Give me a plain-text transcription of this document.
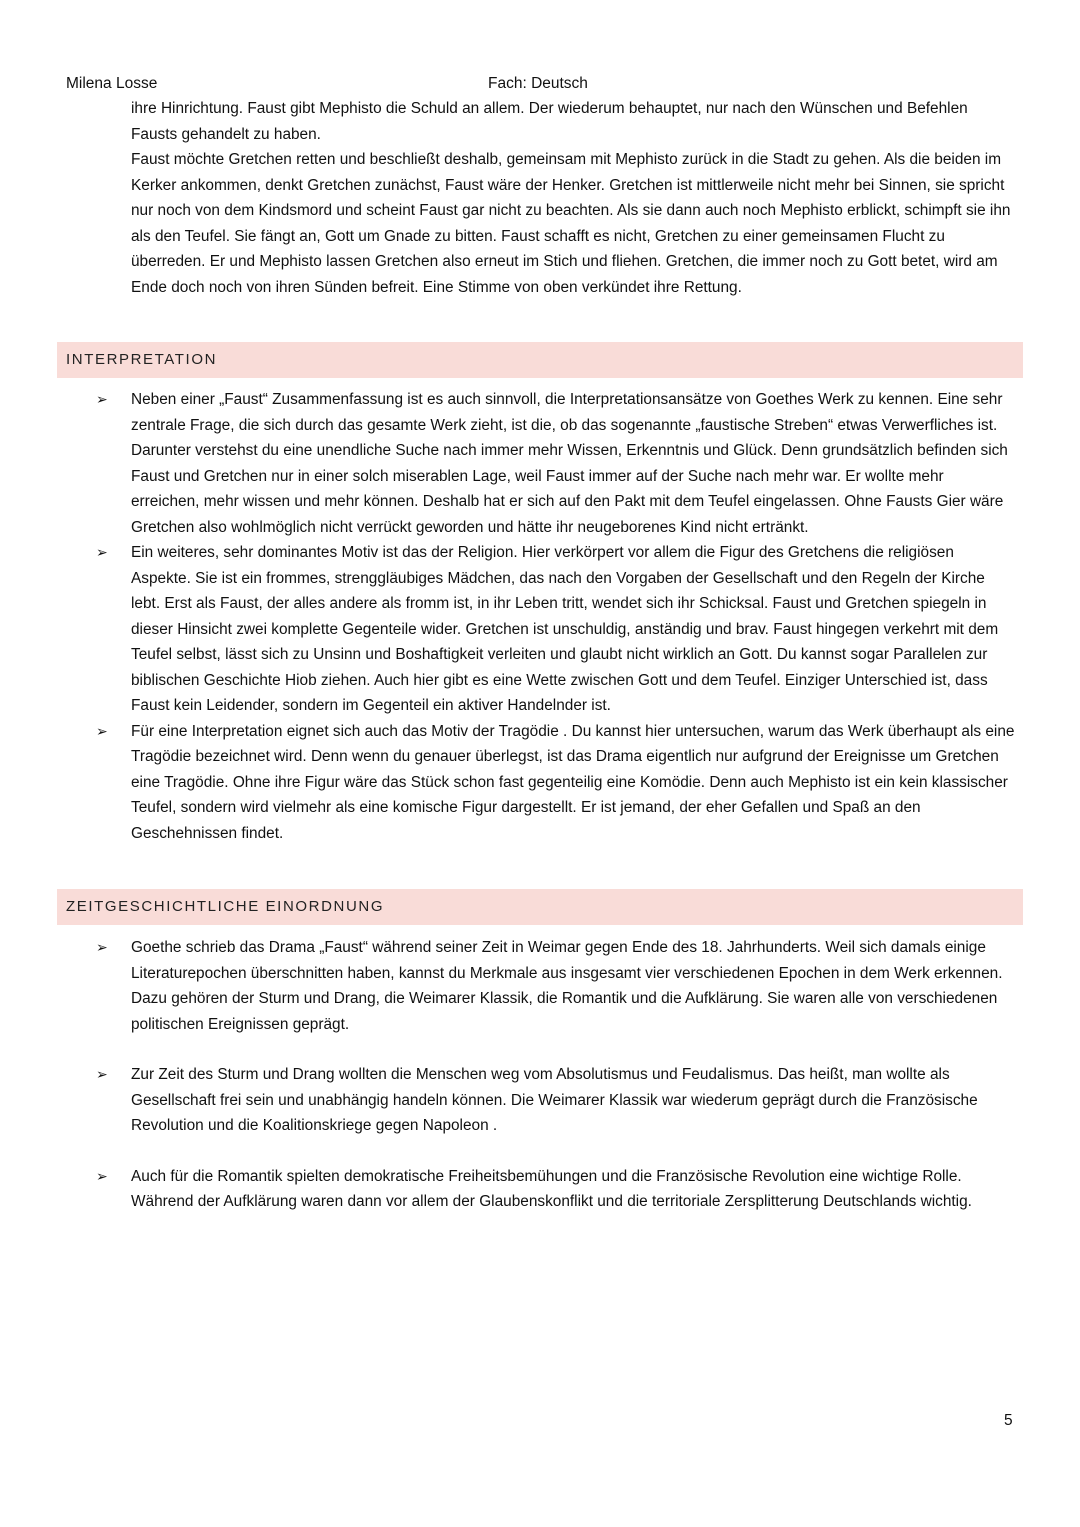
Milena Losse	Fach: Deutsch

ihre Hinrichtung. Faust gibt Mephisto die Schuld an allem. Der wiederum behauptet, nur nach den Wünschen und Befehlen Fausts gehandelt zu haben.

Faust möchte Gretchen retten und beschließt deshalb, gemeinsam mit Mephisto zurück in die Stadt zu gehen. Als die beiden im Kerker ankommen, denkt Gretchen zunächst, Faust wäre der Henker. Gretchen ist mittlerweile nicht mehr bei Sinnen, sie spricht nur noch von dem Kindsmord und scheint Faust gar nicht zu beachten. Als sie dann auch noch Mephisto erblickt, schimpft sie ihn als den Teufel. Sie fängt an, Gott um Gnade zu bitten. Faust schafft es nicht, Gretchen zu einer gemeinsamen Flucht zu überreden. Er und Mephisto lassen Gretchen also erneut im Stich und fliehen. Gretchen, die immer noch zu Gott betet, wird am Ende doch noch von ihren Sünden befreit. Eine Stimme von oben verkündet ihre Rettung.

INTERPRETATION
➢ Neben einer „Faust“ Zusammenfassung ist es auch sinnvoll, die Interpretationsansätze von Goethes Werk zu kennen. Eine sehr zentrale Frage, die sich durch das gesamte Werk zieht, ist die, ob das sogenannte „faustische Streben“ etwas Verwerfliches ist. Darunter verstehst du eine unendliche Suche nach immer mehr Wissen, Erkenntnis und Glück. Denn grundsätzlich befinden sich Faust und Gretchen nur in einer solch miserablen Lage, weil Faust immer auf der Suche nach mehr war. Er wollte mehr erreichen, mehr wissen und mehr können. Deshalb hat er sich auf den Pakt mit dem Teufel eingelassen. Ohne Fausts Gier wäre Gretchen also wohlmöglich nicht verrückt geworden und hätte ihr neugeborenes Kind nicht ertränkt.
➢ Ein weiteres, sehr dominantes Motiv ist das der Religion. Hier verkörpert vor allem die Figur des Gretchens die religiösen Aspekte. Sie ist ein frommes, strenggläubiges Mädchen, das nach den Vorgaben der Gesellschaft und den Regeln der Kirche lebt. Erst als Faust, der alles andere als fromm ist, in ihr Leben tritt, wendet sich ihr Schicksal. Faust und Gretchen spiegeln in dieser Hinsicht zwei komplette Gegenteile wider. Gretchen ist unschuldig, anständig und brav. Faust hingegen verkehrt mit dem Teufel selbst, lässt sich zu Unsinn und Boshaftigkeit verleiten und glaubt nicht wirklich an Gott. Du kannst sogar Parallelen zur biblischen Geschichte Hiob ziehen. Auch hier gibt es eine Wette zwischen Gott und dem Teufel. Einziger Unterschied ist, dass Faust kein Leidender, sondern im Gegenteil ein aktiver Handelnder ist.
➢ Für eine Interpretation eignet sich auch das Motiv der Tragödie . Du kannst hier untersuchen, warum das Werk überhaupt als eine Tragödie bezeichnet wird. Denn wenn du genauer überlegst, ist das Drama eigentlich nur aufgrund der Ereignisse um Gretchen eine Tragödie. Ohne ihre Figur wäre das Stück schon fast gegenteilig eine Komödie. Denn auch Mephisto ist ein kein klassischer Teufel, sondern wird vielmehr als eine komische Figur dargestellt. Er ist jemand, der eher Gefallen und Spaß an den Geschehnissen findet.
ZEITGESCHICHTLICHE EINORDNUNG
➢ Goethe schrieb das Drama „Faust“ während seiner Zeit in Weimar gegen Ende des 18. Jahrhunderts. Weil sich damals einige Literaturepochen überschnitten haben, kannst du Merkmale aus insgesamt vier verschiedenen Epochen in dem Werk erkennen. Dazu gehören der Sturm und Drang, die Weimarer Klassik, die Romantik und die Aufklärung. Sie waren alle von verschiedenen politischen Ereignissen geprägt.
➢ Zur Zeit des Sturm und Drang wollten die Menschen weg vom Absolutismus und Feudalismus. Das heißt, man wollte als Gesellschaft frei sein und unabhängig handeln können. Die Weimarer Klassik war wiederum geprägt durch die Französische Revolution und die Koalitionskriege gegen Napoleon .
➢ Auch für die Romantik spielten demokratische Freiheitsbemühungen und die Französische Revolution eine wichtige Rolle. Während der Aufklärung waren dann vor allem der Glaubenskonflikt und die territoriale Zersplitterung Deutschlands wichtig.
5
